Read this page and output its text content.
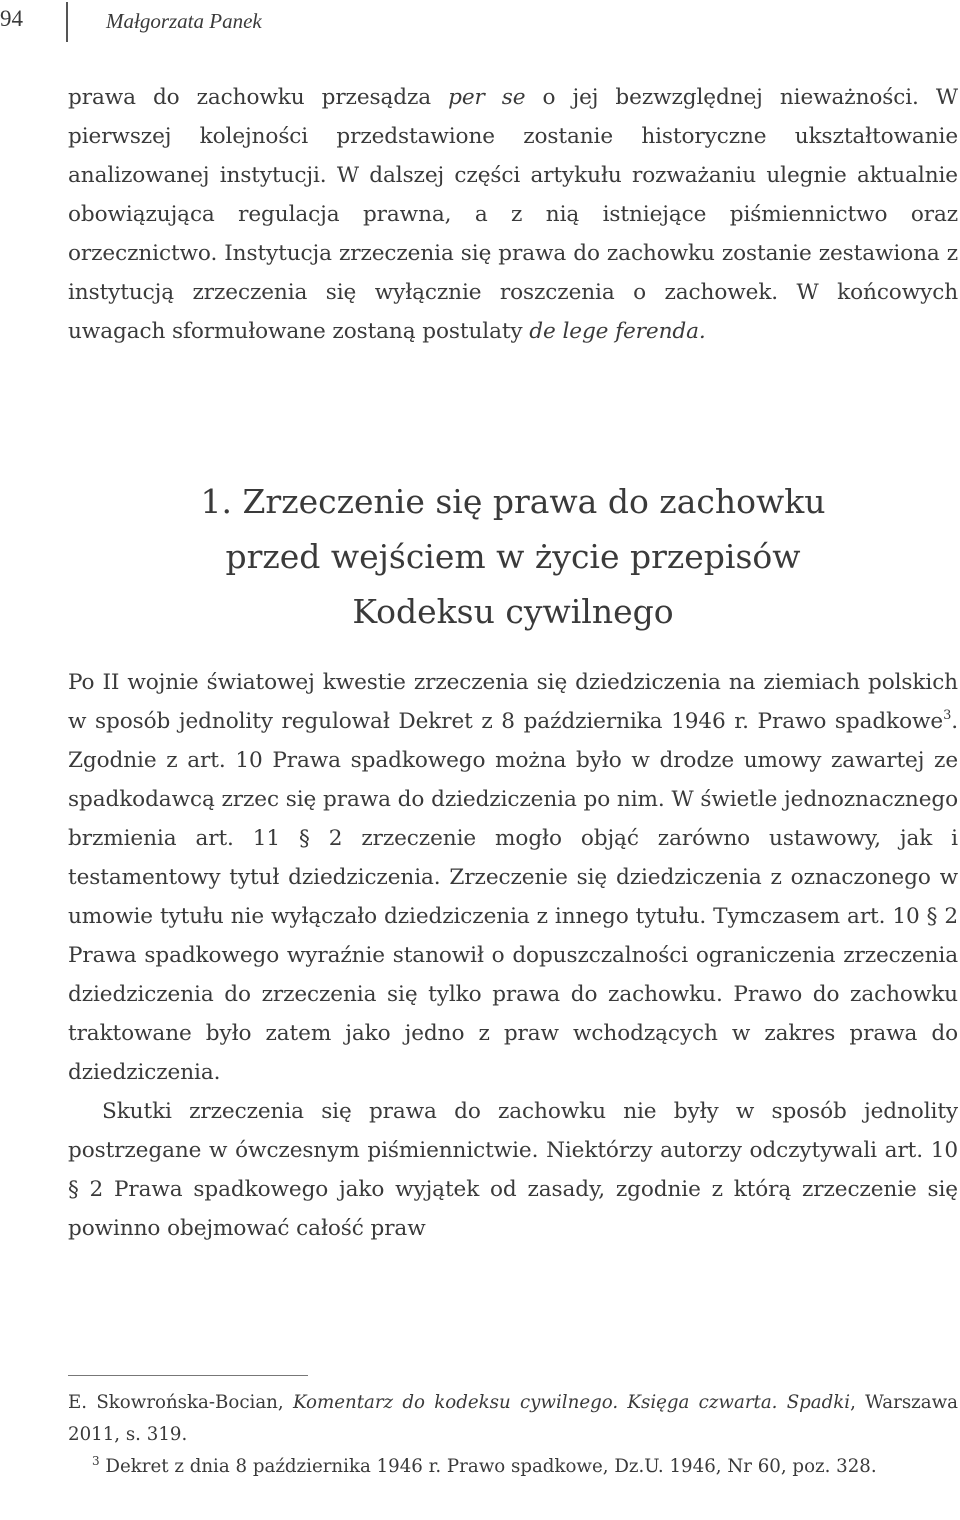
94	Małgorzata Panek
prawa do zachowku przesądza per se o jej bezwzględnej nieważności. W pierwszej kolejności przedstawione zostanie historyczne ukształtowanie analizowanej instytucji. W dalszej części artykułu rozważaniu ulegnie aktualnie obowiązująca regulacja prawna, a z nią istniejące piśmiennictwo oraz orzecznictwo. Instytucja zrzeczenia się prawa do zachowku zostanie zestawiona z instytucją zrzeczenia się wyłącznie roszczenia o zachowek. W końcowych uwagach sformułowane zostaną postulaty de lege ferenda.
1. Zrzeczenie się prawa do zachowku
przed wejściem w życie przepisów
Kodeksu cywilnego

Po II wojnie światowej kwestie zrzeczenia się dziedziczenia na ziemiach polskich w sposób jednolity regulował Dekret z 8 października 1946 r. Prawo spadkowe$^3$. Zgodnie z art. 10 Prawa spadkowego można było w drodze umowy zawartej ze spadkodawcą zrzec się prawa do dziedziczenia po nim. W świetle jednoznacznego brzmienia art. 11 § 2 zrzeczenie mogło objąć zarówno ustawowy, jak i testamentowy tytuł dziedziczenia. Zrzeczenie się dziedziczenia z oznaczonego w umowie tytułu nie wyłączało dziedziczenia z innego tytułu. Tymczasem art. 10 § 2 Prawa spadkowego wyraźnie stanowił o dopuszczalności ograniczenia zrzeczenia dziedziczenia do zrzeczenia się tylko prawa do zachowku. Prawo do zachowku traktowane było zatem jako jedno z praw wchodzących w zakres prawa do dziedziczenia.

Skutki zrzeczenia się prawa do zachowku nie były w sposób jednolity postrzegane w ówczesnym piśmiennictwie. Niektórzy autorzy odczytywali art. 10 § 2 Prawa spadkowego jako wyjątek od zasady, zgodnie z którą zrzeczenie się powinno obejmować całość praw

E. Skowrońska-Bocian, Komentarz do kodeksu cywilnego. Księga czwarta. Spadki, Warszawa 2011, s. 319.

$^3$ Dekret z dnia 8 października 1946 r. Prawo spadkowe, Dz.U. 1946, Nr 60, poz. 328.
